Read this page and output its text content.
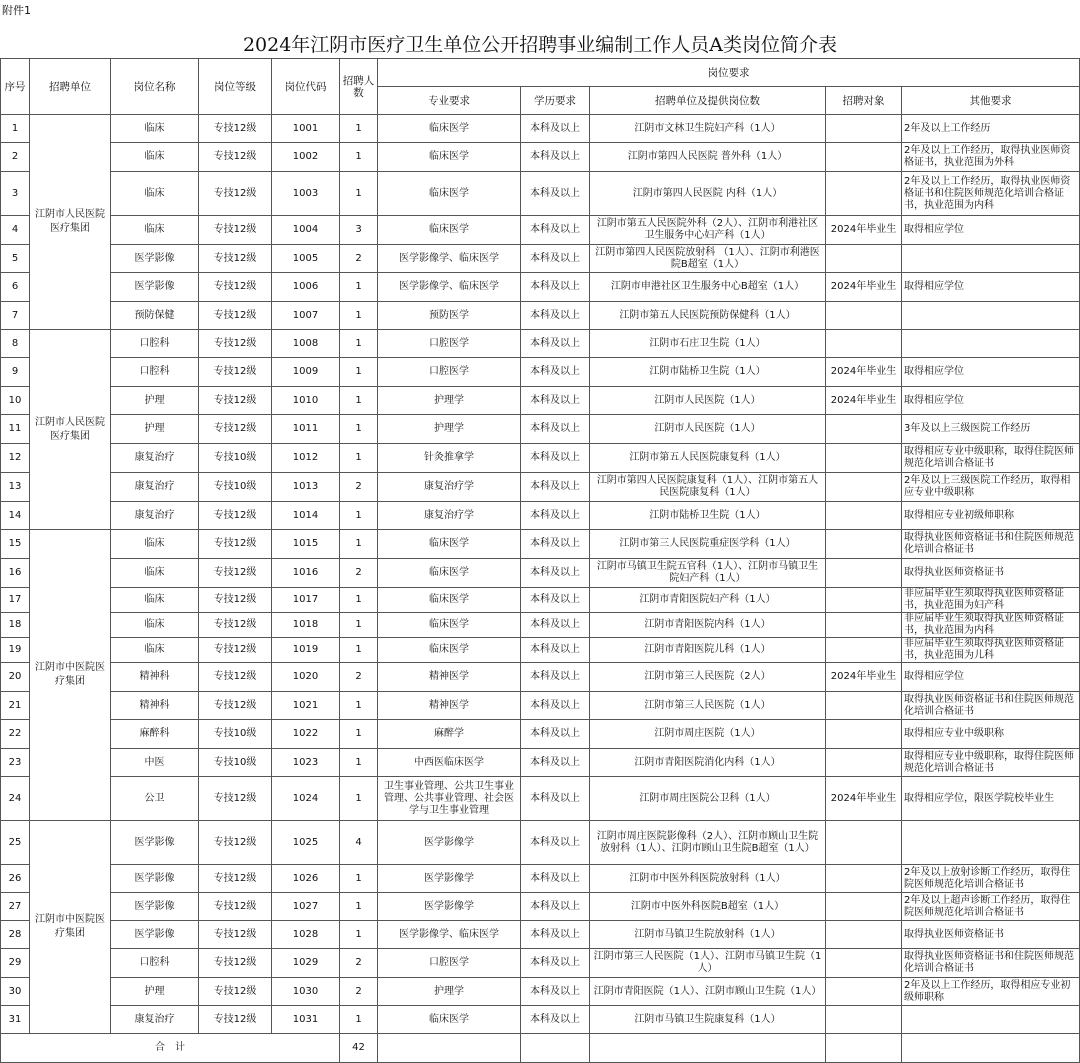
附件1
2024年江阴市医疗卫生单位公开招聘事业编制工作人员A类岗位简介表
序号	招聘单位	岗位名称	岗位等级	岗位代码	招聘人数	岗位要求				
						专业要求	学历要求	招聘单位及提供岗位数	招聘对象	其他要求
1	江阴市人民医院医疗集团	临床	专技12级	1001	1	临床医学	本科及以上	江阴市文林卫生院妇产科（1人）		2年及以上工作经历
2		临床	专技12级	1002	1	临床医学	本科及以上	江阴市第四人民医院 普外科（1人）		2年及以上工作经历，取得执业医师资格证书，执业范围为外科
3		临床	专技12级	1003	1	临床医学	本科及以上	江阴市第四人民医院 内科（1人）		2年及以上工作经历，取得执业医师资格证书和住院医师规范化培训合格证书，执业范围为内科
4		临床	专技12级	1004	3	临床医学	本科及以上	江阴市第五人民医院外科（2人）、江阴市利港社区卫生服务中心妇产科（1人）	2024年毕业生	取得相应学位
5		医学影像	专技12级	1005	2	医学影像学、临床医学	本科及以上	江阴市第四人民医院放射科 （1人）、江阴市利港医院B超室（1人）		
6		医学影像	专技12级	1006	1	医学影像学、临床医学	本科及以上	江阴市申港社区卫生服务中心B超室（1人）	2024年毕业生	取得相应学位
7		预防保健	专技12级	1007	1	预防医学	本科及以上	江阴市第五人民医院预防保健科（1人）		
8	江阴市人民医院医疗集团	口腔科	专技12级	1008	1	口腔医学	本科及以上	江阴市石庄卫生院（1人）		
9		口腔科	专技12级	1009	1	口腔医学	本科及以上	江阴市陆桥卫生院（1人）	2024年毕业生	取得相应学位
10		护理	专技12级	1010	1	护理学	本科及以上	江阴市人民医院（1人）	2024年毕业生	取得相应学位
11		护理	专技12级	1011	1	护理学	本科及以上	江阴市人民医院（1人）		3年及以上三级医院工作经历
12		康复治疗	专技10级	1012	1	针灸推拿学	本科及以上	江阴市第五人民医院康复科（1人）		取得相应专业中级职称，取得住院医师规范化培训合格证书
13		康复治疗	专技10级	1013	2	康复治疗学	本科及以上	江阴市第四人民医院康复科（1人）、江阴市第五人民医院康复科（1人）		2年及以上三级医院工作经历，取得相应专业中级职称
14		康复治疗	专技12级	1014	1	康复治疗学	本科及以上	江阴市陆桥卫生院（1人）		取得相应专业初级师职称
15	江阴市中医院医疗集团	临床	专技12级	1015	1	临床医学	本科及以上	江阴市第三人民医院重症医学科（1人）		取得执业医师资格证书和住院医师规范化培训合格证书
16		临床	专技12级	1016	2	临床医学	本科及以上	江阴市马镇卫生院五官科（1人）、江阴市马镇卫生院妇产科（1人）		取得执业医师资格证书
17		临床	专技12级	1017	1	临床医学	本科及以上	江阴市青阳医院妇产科（1人）		非应届毕业生须取得执业医师资格证书，执业范围为妇产科
18		临床	专技12级	1018	1	临床医学	本科及以上	江阴市青阳医院内科（1人）		非应届毕业生须取得执业医师资格证书，执业范围为内科
19		临床	专技12级	1019	1	临床医学	本科及以上	江阴市青阳医院儿科（1人）		非应届毕业生须取得执业医师资格证书，执业范围为儿科
20		精神科	专技12级	1020	2	精神医学	本科及以上	江阴市第三人民医院（2人）	2024年毕业生	取得相应学位
21		精神科	专技12级	1021	1	精神医学	本科及以上	江阴市第三人民医院（1人）		取得执业医师资格证书和住院医师规范化培训合格证书
22		麻醉科	专技10级	1022	1	麻醉学	本科及以上	江阴市周庄医院（1人）		取得相应专业中级职称
23		中医	专技10级	1023	1	中西医临床医学	本科及以上	江阴市青阳医院消化内科（1人）		取得相应专业中级职称，取得住院医师规范化培训合格证书
24		公卫	专技12级	1024	1	卫生事业管理、公共卫生事业管理、公共事业管理、社会医学与卫生事业管理	本科及以上	江阴市周庄医院公卫科（1人）	2024年毕业生	取得相应学位，限医学院校毕业生
25	江阴市中医院医疗集团	医学影像	专技12级	1025	4	医学影像学	本科及以上	江阴市周庄医院影像科（2人）、江阴市顾山卫生院放射科（1人）、江阴市顾山卫生院B超室（1人）		
26		医学影像	专技12级	1026	1	医学影像学	本科及以上	江阴市中医外科医院放射科（1人）		2年及以上放射诊断工作经历，取得住院医师规范化培训合格证书
27		医学影像	专技12级	1027	1	医学影像学	本科及以上	江阴市中医外科医院B超室（1人）		2年及以上超声诊断工作经历，取得住院医师规范化培训合格证书
28		医学影像	专技12级	1028	1	医学影像学、临床医学	本科及以上	江阴市马镇卫生院放射科（1人）		取得执业医师资格证书
29		口腔科	专技12级	1029	2	口腔医学	本科及以上	江阴市第三人民医院（1人）、江阴市马镇卫生院（1人）		取得执业医师资格证书和住院医师规范化培训合格证书
30		护理	专技12级	1030	2	护理学	本科及以上	江阴市青阳医院（1人）、江阴市顾山卫生院（1人）		2年及以上工作经历，取得相应专业初级师职称
31		康复治疗	专技12级	1031	1	临床医学	本科及以上	江阴市马镇卫生院康复科（1人）		
合　计					42					
